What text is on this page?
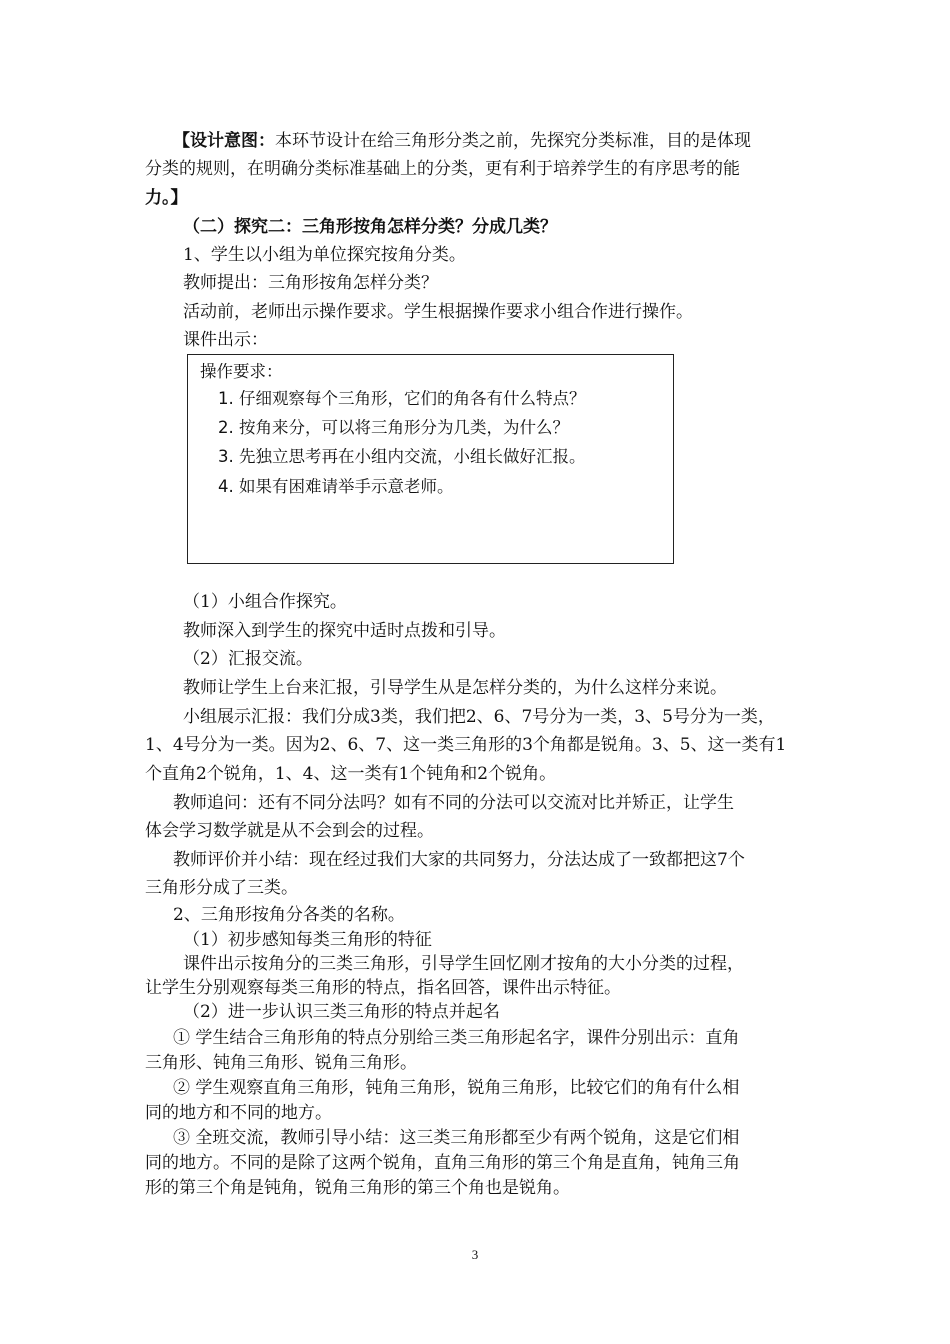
【设计意图：本环节设计在给三角形分类之前，先探究分类标准，目的是体现
分类的规则，在明确分类标准基础上的分类，更有利于培养学生的有序思考的能
力。】
（二）探究二：三角形按角怎样分类？分成几类？
1、学生以小组为单位探究按角分类。
教师提出：三角形按角怎样分类？
活动前，老师出示操作要求。学生根据操作要求小组合作进行操作。
课件出示：
操作要求：
1. 仔细观察每个三角形，它们的角各有什么特点？
2. 按角来分，可以将三角形分为几类，为什么？
3. 先独立思考再在小组内交流，小组长做好汇报。
4. 如果有困难请举手示意老师。
（1）小组合作探究。
教师深入到学生的探究中适时点拨和引导。
（2）汇报交流。
教师让学生上台来汇报，引导学生从是怎样分类的，为什么这样分来说。
小组展示汇报：我们分成3类，我们把2、6、7号分为一类，3、5号分为一类，
1、4号分为一类。因为2、6、7、这一类三角形的3个角都是锐角。3、5、这一类有1
个直角2个锐角，1、4、这一类有1个钝角和2个锐角。
教师追问：还有不同分法吗？如有不同的分法可以交流对比并矫正，让学生
体会学习数学就是从不会到会的过程。
教师评价并小结：现在经过我们大家的共同努力，分法达成了一致都把这7个
三角形分成了三类。
2、三角形按角分各类的名称。
（1）初步感知每类三角形的特征
课件出示按角分的三类三角形，引导学生回忆刚才按角的大小分类的过程，
让学生分别观察每类三角形的特点，指名回答，课件出示特征。
（2）进一步认识三类三角形的特点并起名
① 学生结合三角形角的特点分别给三类三角形起名字，课件分别出示：直角
三角形、钝角三角形、锐角三角形。
② 学生观察直角三角形，钝角三角形，锐角三角形，比较它们的角有什么相
同的地方和不同的地方。
③ 全班交流，教师引导小结：这三类三角形都至少有两个锐角，这是它们相
同的地方。不同的是除了这两个锐角，直角三角形的第三个角是直角，钝角三角
形的第三个角是钝角，锐角三角形的第三个角也是锐角。
3
